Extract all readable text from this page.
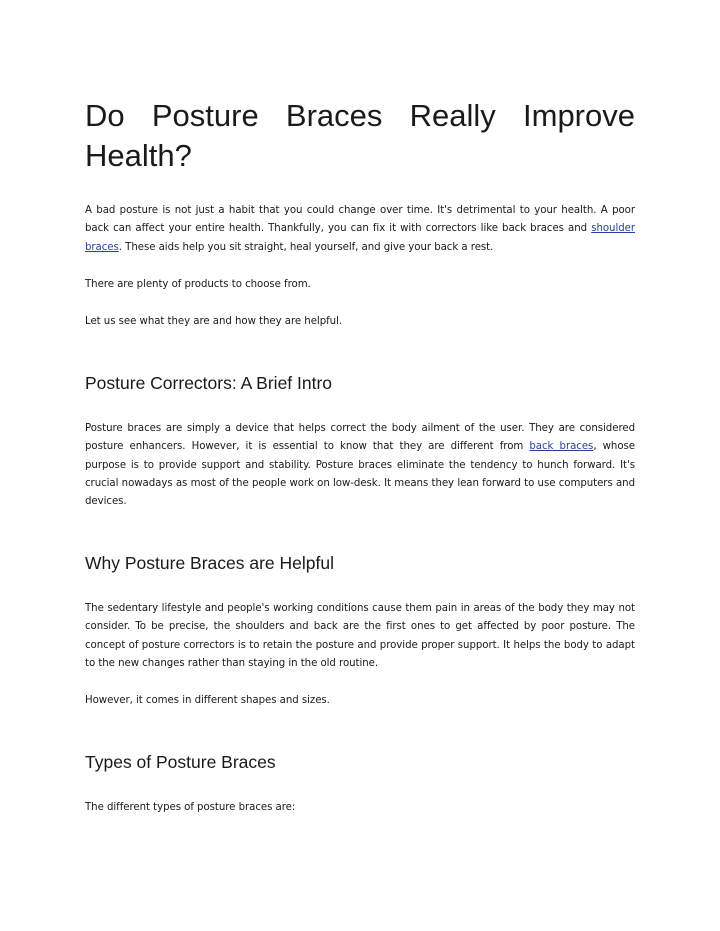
Do Posture Braces Really Improve Health?

A bad posture is not just a habit that you could change over time. It's detrimental to your health. A poor back can affect your entire health. Thankfully, you can fix it with correctors like back braces and shoulder braces. These aids help you sit straight, heal yourself, and give your back a rest.

There are plenty of products to choose from.

Let us see what they are and how they are helpful.

Posture Correctors: A Brief Intro

Posture braces are simply a device that helps correct the body ailment of the user. They are considered posture enhancers. However, it is essential to know that they are different from back braces, whose purpose is to provide support and stability. Posture braces eliminate the tendency to hunch forward. It's crucial nowadays as most of the people work on low-desk. It means they lean forward to use computers and devices.

Why Posture Braces are Helpful

The sedentary lifestyle and people's working conditions cause them pain in areas of the body they may not consider. To be precise, the shoulders and back are the first ones to get affected by poor posture. The concept of posture correctors is to retain the posture and provide proper support. It helps the body to adapt to the new changes rather than staying in the old routine.

However, it comes in different shapes and sizes.

Types of Posture Braces

The different types of posture braces are:
